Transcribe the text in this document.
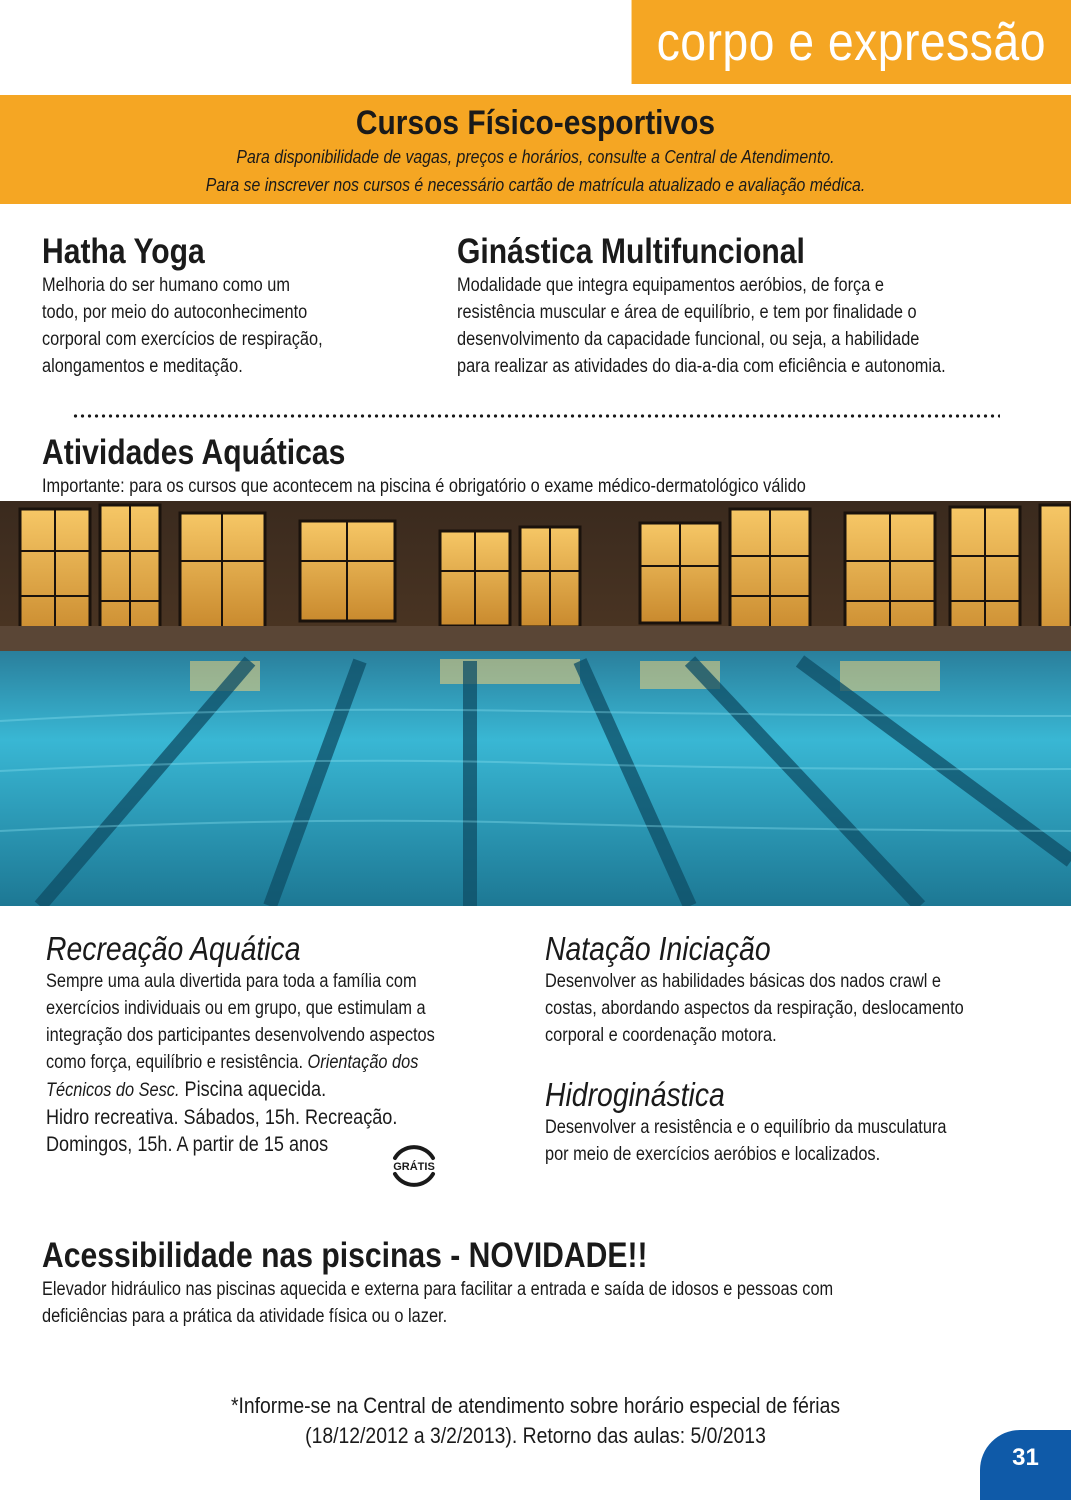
corpo e expressão
Cursos Físico-esportivos
Para disponibilidade de vagas, preços e horários, consulte a Central de Atendimento.
Para se inscrever nos cursos é necessário cartão de matrícula atualizado e avaliação médica.
Hatha Yoga
Melhoria do ser humano como um
todo, por meio do autoconhecimento
corporal com exercícios de respiração,
alongamentos e meditação.
Ginástica Multifuncional
Modalidade que integra equipamentos aeróbios, de força e
resistência muscular e área de equilíbrio, e tem por finalidade o
desenvolvimento da capacidade funcional, ou seja, a habilidade
para realizar as atividades do dia-a-dia com eficiência e autonomia.
Atividades Aquáticas
Importante: para os cursos que acontecem na piscina é obrigatório o exame médico-dermatológico válido
Recreação Aquática
Sempre uma aula divertida para toda a família com
exercícios individuais ou em grupo, que estimulam a
integração dos participantes desenvolvendo aspectos
como força, equilíbrio e resistência. Orientação dos
Técnicos do Sesc. Piscina aquecida.
Hidro recreativa. Sábados, 15h. Recreação.
Domingos, 15h. A partir de 15 anos
GRÁTIS
Natação Iniciação
Desenvolver as habilidades básicas dos nados crawl e
costas, abordando aspectos da respiração, deslocamento
corporal e coordenação motora.
Hidroginástica
Desenvolver a resistência e o equilíbrio da musculatura
por meio de exercícios aeróbios e localizados.
Acessibilidade nas piscinas - NOVIDADE!!
Elevador hidráulico nas piscinas aquecida e externa para facilitar a entrada e saída de idosos e pessoas com
deficiências para a prática da atividade física ou o lazer.
*Informe-se na Central de atendimento sobre horário especial de férias
(18/12/2012 a 3/2/2013). Retorno das aulas: 5/0/2013
31
